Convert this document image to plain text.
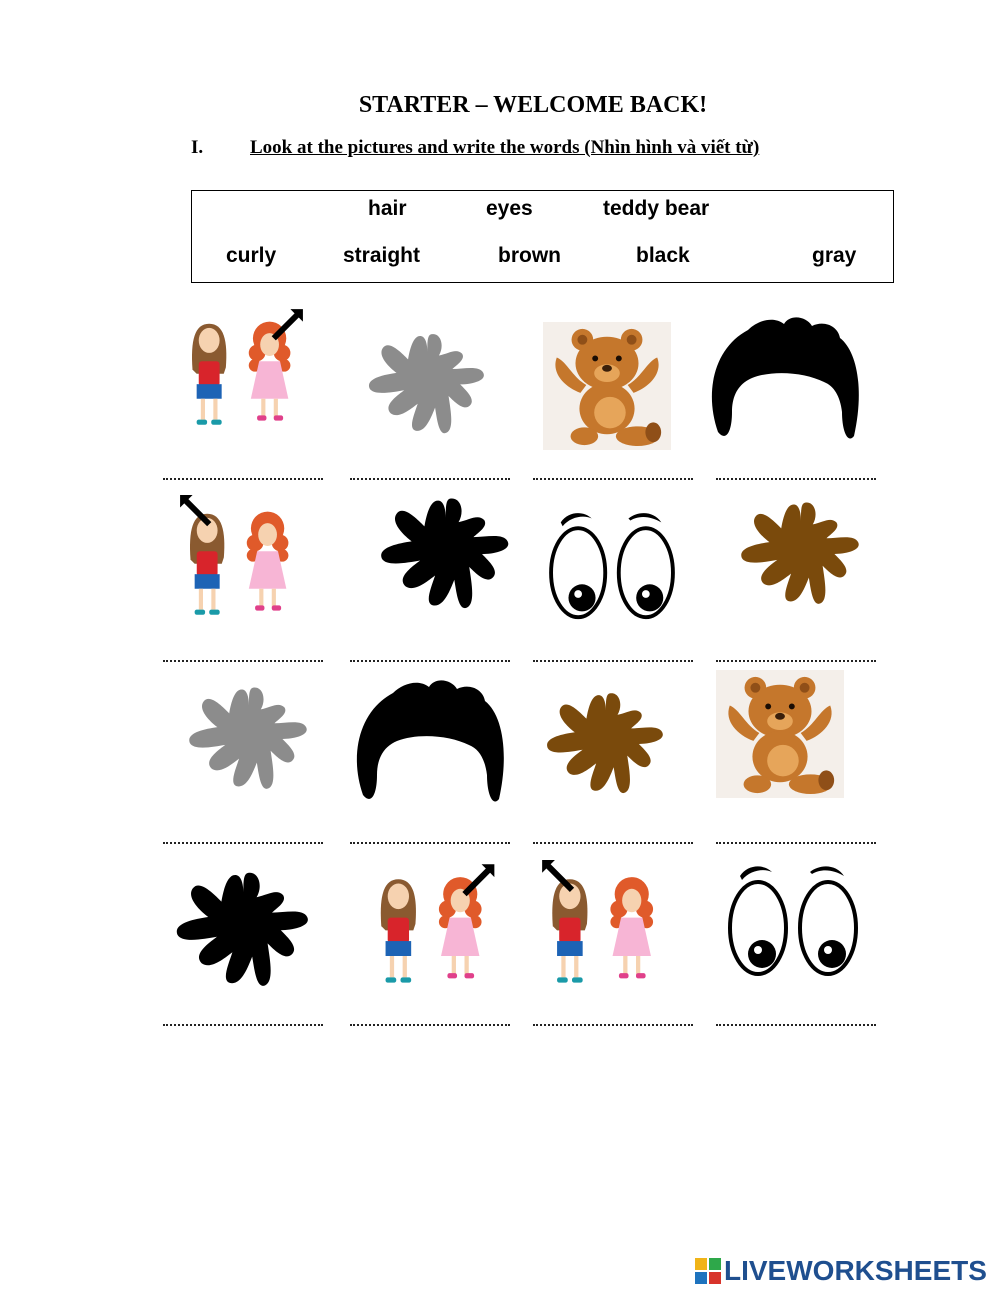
STARTER – WELCOME BACK!
I. Look at the pictures and write the words (Nhìn hình và viết từ)
hair	eyes	teddy bear
curly	straight	brown	black	gray
LIVEWORKSHEETS
